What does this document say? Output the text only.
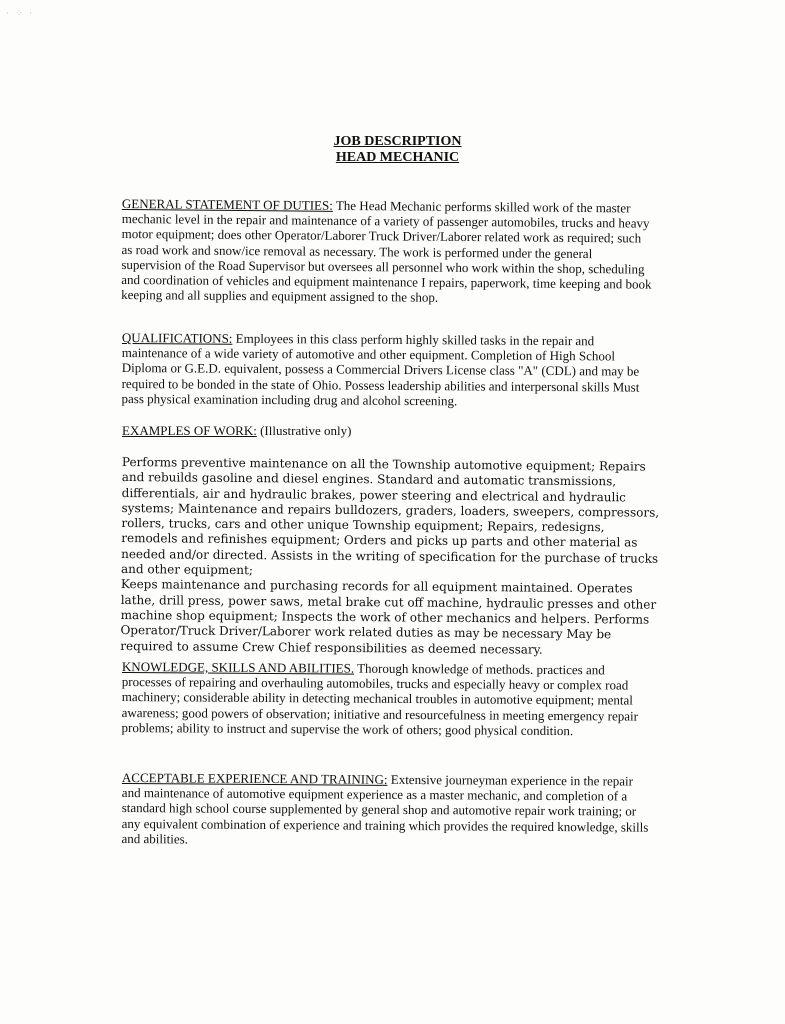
· ⁘ ·
JOB DESCRIPTION
HEAD MECHANIC

GENERAL STATEMENT OF DUTIES: The Head Mechanic performs skilled work of the master mechanic level in the repair and maintenance of a variety of passenger automobiles, trucks and heavy motor equipment; does other Operator/Laborer Truck Driver/Laborer related work as required; such as road work and snow/ice removal as necessary. The work is performed under the general supervision of the Road Supervisor but oversees all personnel who work within the shop, scheduling and coordination of vehicles and equipment maintenance I repairs, paperwork, time keeping and book keeping and all supplies and equipment assigned to the shop.

QUALIFICATIONS: Employees in this class perform highly skilled tasks in the repair and maintenance of a wide variety of automotive and other equipment. Completion of High School Diploma or G.E.D. equivalent, possess a Commercial Drivers License class "A" (CDL) and may be required to be bonded in the state of Ohio. Possess leadership abilities and interpersonal skills Must pass physical examination including drug and alcohol screening.

EXAMPLES OF WORK: (Illustrative only)

Performs preventive maintenance on all the Township automotive equipment; Repairs and rebuilds gasoline and diesel engines. Standard and automatic transmissions, differentials, air and hydraulic brakes, power steering and electrical and hydraulic systems; Maintenance and repairs bulldozers, graders, loaders, sweepers, compressors, rollers, trucks, cars and other unique Township equipment; Repairs, redesigns, remodels and refinishes equipment; Orders and picks up parts and other material as needed and/or directed. Assists in the writing of specification for the purchase of trucks and other equipment;

Keeps maintenance and purchasing records for all equipment maintained. Operates lathe, drill press, power saws, metal brake cut off machine, hydraulic presses and other machine shop equipment; Inspects the work of other mechanics and helpers. Performs Operator/Truck Driver/Laborer work related duties as may be necessary May be required to assume Crew Chief responsibilities as deemed necessary.

KNOWLEDGE, SKILLS AND ABILITIES. Thorough knowledge of methods. practices and processes of repairing and overhauling automobiles, trucks and especially heavy or complex road machinery; considerable ability in detecting mechanical troubles in automotive equipment; mental awareness; good powers of observation; initiative and resourcefulness in meeting emergency repair problems; ability to instruct and supervise the work of others; good physical condition.

ACCEPTABLE EXPERIENCE AND TRAINING: Extensive journeyman experience in the repair and maintenance of automotive equipment experience as a master mechanic, and completion of a standard high school course supplemented by general shop and automotive repair work training; or any equivalent combination of experience and training which provides the required knowledge, skills and abilities.
